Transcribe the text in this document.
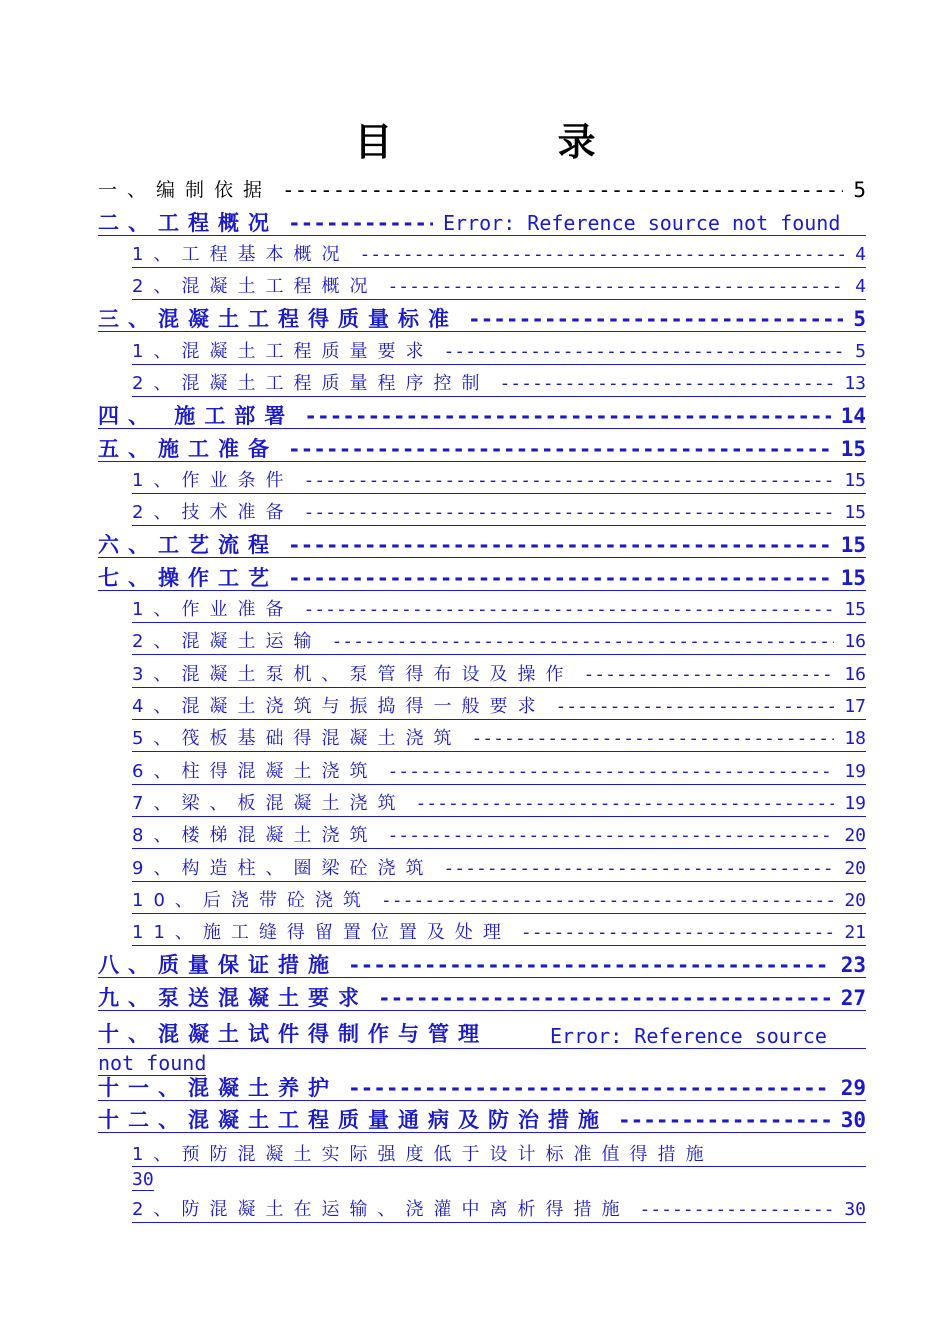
目 录
一、编制依据 -----	5
二、工程概况 -----	Error: Reference source not found
1、工程基本概况 -----	4
2、混凝土工程概况 -----	4
三、混凝土工程得质量标准 -----	5
1、混凝土工程质量要求 -----	5
2、混凝土工程质量程序控制 -----	13
四、 施工部署 -----	14
五、施工准备 -----	15
1、作业条件 -----	15
2、技术准备 -----	15
六、工艺流程 -----	15
七、操作工艺 -----	15
1、作业准备 -----	15
2、混凝土运输 -----	16
3、混凝土泵机、泵管得布设及操作 -----	16
4、混凝土浇筑与振捣得一般要求 -----	17
5、筏板基础得混凝土浇筑 -----	18
6、柱得混凝土浇筑 -----	19
7、梁、板混凝土浇筑 -----	19
8、楼梯混凝土浇筑 -----	20
9、构造柱、圈梁砼浇筑 -----	20
10、后浇带砼浇筑 -----	20
11、施工缝得留置位置及处理 -----	21
八、质量保证措施 -----	23
九、泵送混凝土要求 -----	27
十、混凝土试件得制作与管理	Error: Reference source
not found
十一、混凝土养护 -----	29
十二、混凝土工程质量通病及防治措施 -----	30
1、预防混凝土实际强度低于设计标准值得措施
30
2、防混凝土在运输、浇灌中离析得措施 -----	30
